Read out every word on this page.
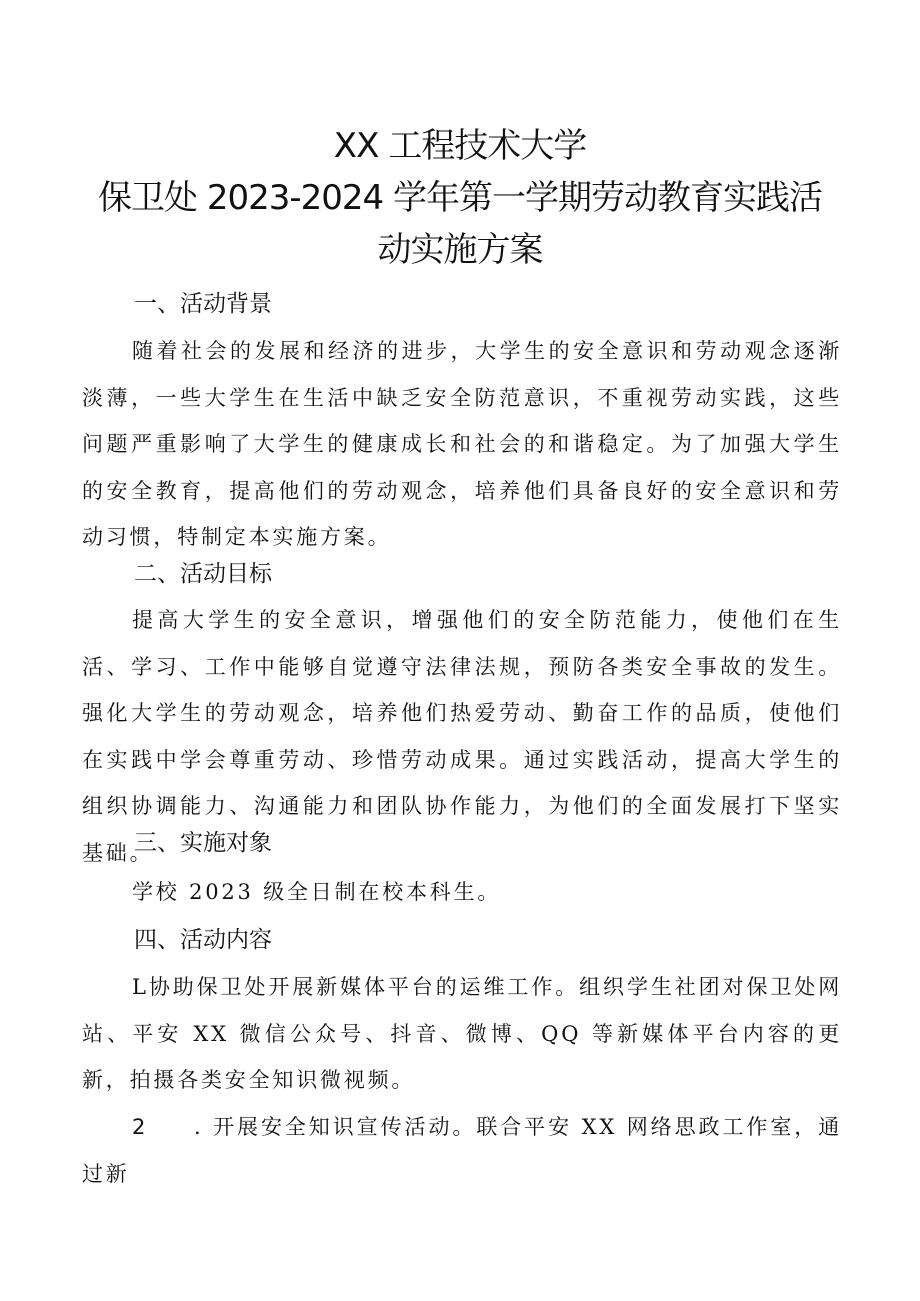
XX 工程技术大学
保卫处 2023-2024 学年第一学期劳动教育实践活
动实施方案
一、活动背景

随着社会的发展和经济的进步，大学生的安全意识和劳动观念逐渐淡薄，一些大学生在生活中缺乏安全防范意识，不重视劳动实践，这些问题严重影响了大学生的健康成长和社会的和谐稳定。为了加强大学生的安全教育，提高他们的劳动观念，培养他们具备良好的安全意识和劳动习惯，特制定本实施方案。

二、活动目标

提高大学生的安全意识，增强他们的安全防范能力，使他们在生活、学习、工作中能够自觉遵守法律法规，预防各类安全事故的发生。强化大学生的劳动观念，培养他们热爱劳动、勤奋工作的品质，使他们在实践中学会尊重劳动、珍惜劳动成果。通过实践活动，提高大学生的组织协调能力、沟通能力和团队协作能力，为他们的全面发展打下坚实基础。

三、实施对象

学校 2023 级全日制在校本科生。

四、活动内容

L协助保卫处开展新媒体平台的运维工作。组织学生社团对保卫处网站、平安 XX 微信公众号、抖音、微博、QQ 等新媒体平台内容的更新，拍摄各类安全知识微视频。

2 . 开展安全知识宣传活动。联合平安 XX 网络思政工作室，通过新
